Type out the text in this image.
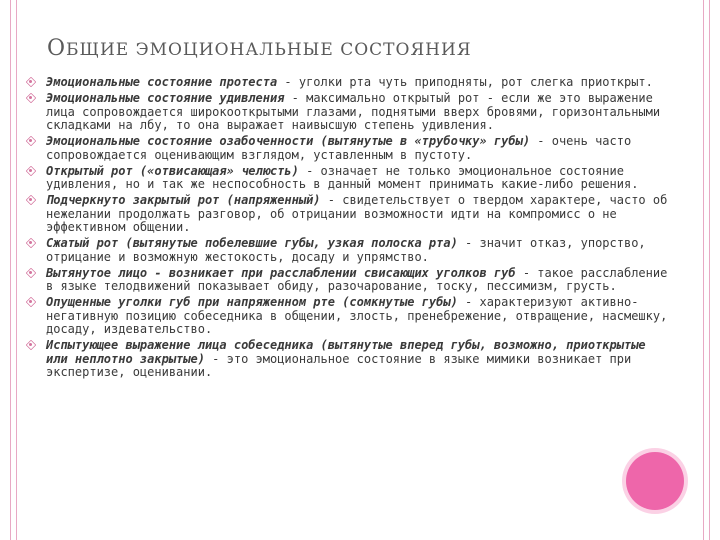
ОБЩИЕ ЭМОЦИОНАЛЬНЫЕ СОСТОЯНИЯ
Эмоциональные состояние протеста - уголки рта чуть приподняты, рот слегка приоткрыт.
Эмоциональные состояние удивления - максимально открытый рот - если же это выражение лица сопровождается широкооткрытыми глазами, поднятыми вверх бровями, горизонтальными складками на лбу, то она выражает наивысшую степень удивления.
Эмоциональные состояние озабоченности (вытянутые в «трубочку» губы) - очень часто сопровождается оценивающим взглядом, уставленным в пустоту.
Открытый рот («отвисающая» челюсть) - означает не только эмоциональное состояние удивления, но и так же неспособность в данный момент принимать какие-либо решения.
Подчеркнуто закрытый рот (напряженный) - свидетельствует о твердом характере, часто об нежелании продолжать разговор, об отрицании возможности идти на компромисс о не эффективном общении.
Сжатый рот (вытянутые побелевшие губы, узкая полоска рта) - значит отказ, упорство, отрицание и возможную жестокость, досаду и упрямство.
Вытянутое лицо - возникает при расслаблении свисающих уголков губ - такое расслабление в языке телодвижений показывает обиду, разочарование, тоску, пессимизм, грусть.
Опущенные уголки губ при напряженном рте (сомкнутые губы) - характеризуют активно-негативную позицию собеседника в общении, злость, пренебрежение, отвращение, насмешку, досаду, издевательство.
Испытующее выражение лица собеседника (вытянутые вперед губы, возможно, приоткрытые или неплотно закрытые) - это эмоциональное состояние в языке мимики возникает при экспертизе, оценивании.
